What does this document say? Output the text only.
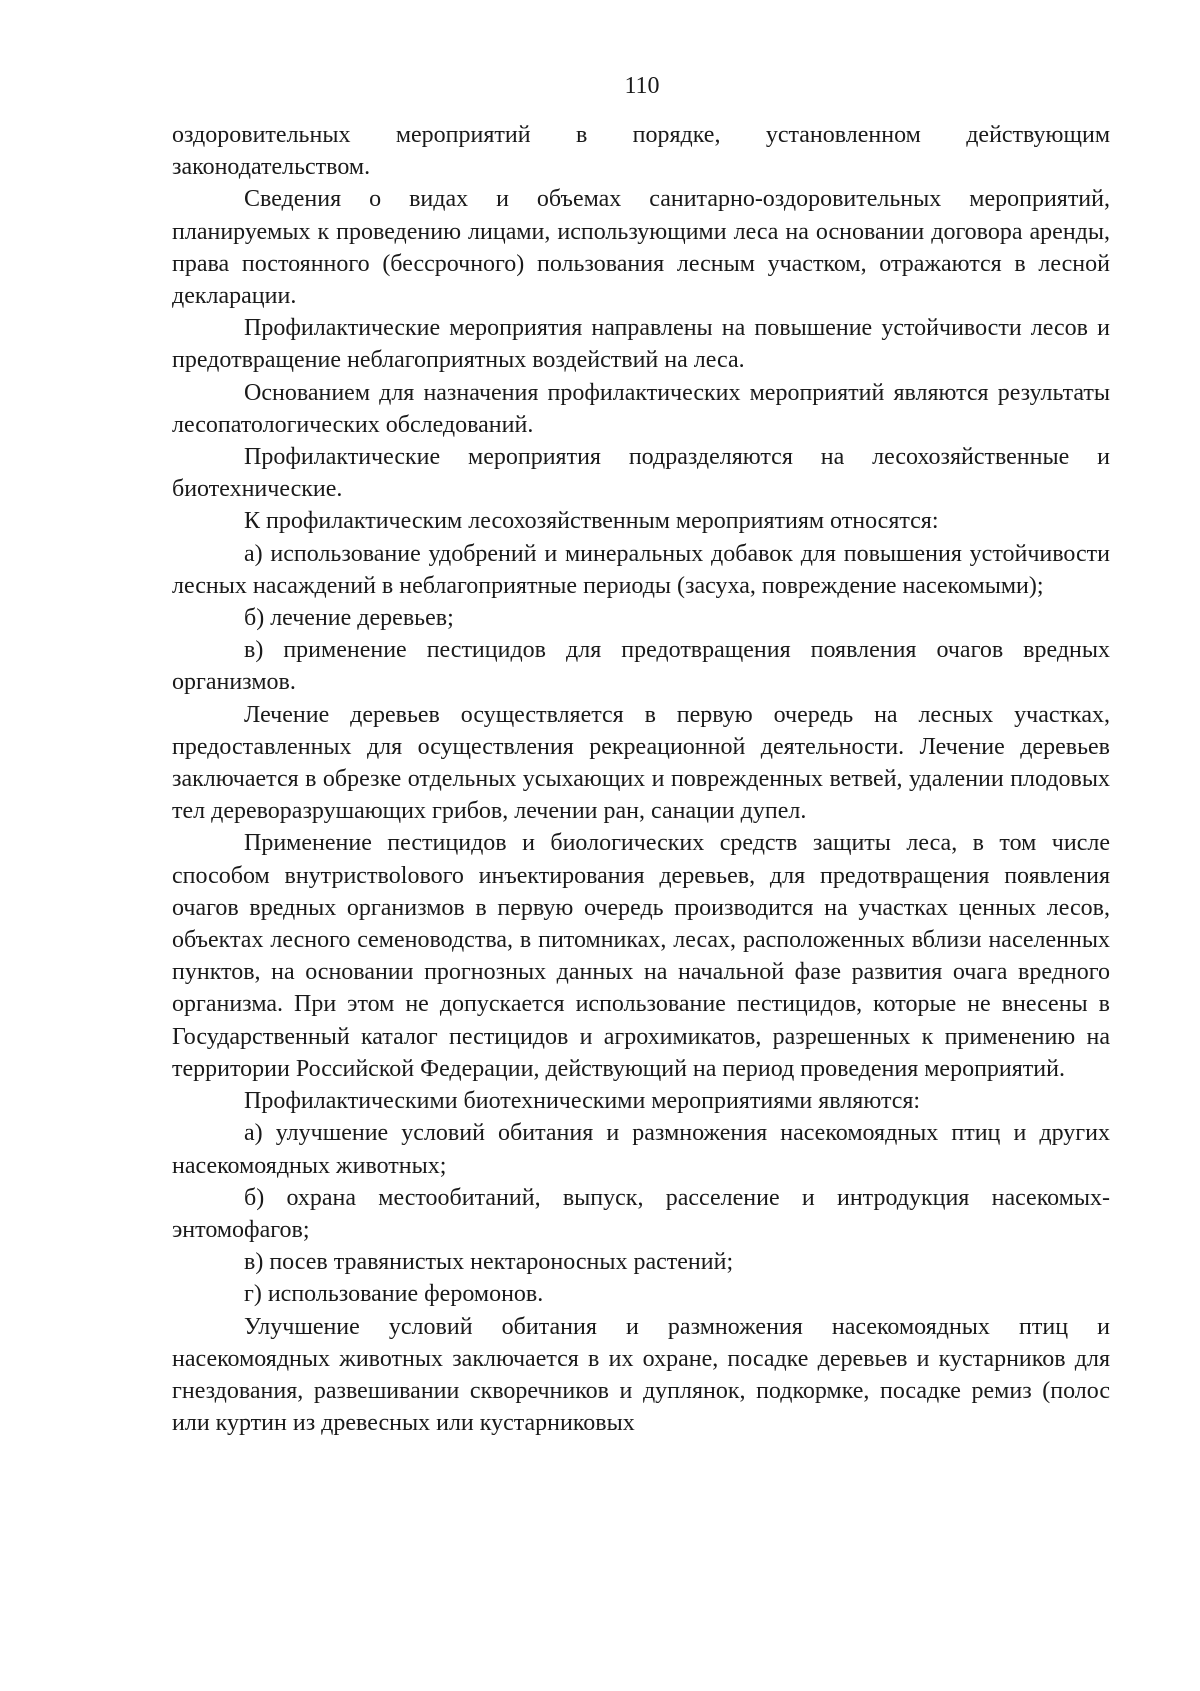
110

оздоровительных мероприятий в порядке, установленном действующим законодательством.

Сведения о видах и объемах санитарно-оздоровительных мероприятий, планируемых к проведению лицами, использующими леса на основании договора аренды, права постоянного (бессрочного) пользования лесным участком, отражаются в лесной декларации.

Профилактические мероприятия направлены на повышение устойчивости лесов и предотвращение неблагоприятных воздействий на леса.

Основанием для назначения профилактических мероприятий являются результаты лесопатологических обследований.

Профилактические мероприятия подразделяются на лесохозяйственные и биотехнические.

К профилактическим лесохозяйственным мероприятиям относятся:

а) использование удобрений и минеральных добавок для повышения устойчивости лесных насаждений в неблагоприятные периоды (засуха, повреждение насекомыми);

б) лечение деревьев;

в) применение пестицидов для предотвращения появления очагов вредных организмов.

Лечение деревьев осуществляется в первую очередь на лесных участках, предоставленных для осуществления рекреационной деятельности. Лечение деревьев заключается в обрезке отдельных усыхающих и поврежденных ветвей, удалении плодовых тел дереворазрушающих грибов, лечении ран, санации дупел.

Применение пестицидов и биологических средств защиты леса, в том числе способом внутриствolового инъектирования деревьев, для предотвращения появления очагов вредных организмов в первую очередь производится на участках ценных лесов, объектах лесного семеноводства, в питомниках, лесах, расположенных вблизи населенных пунктов, на основании прогнозных данных на начальной фазе развития очага вредного организма. При этом не допускается использование пестицидов, которые не внесены в Государственный каталог пестицидов и агрохимикатов, разрешенных к применению на территории Российской Федерации, действующий на период проведения мероприятий.

Профилактическими биотехническими мероприятиями являются:

а) улучшение условий обитания и размножения насекомоядных птиц и других насекомоядных животных;

б) охрана местообитаний, выпуск, расселение и интродукция насекомых-энтомофагов;

в) посев травянистых нектароносных растений;

г) использование феромонов.

Улучшение условий обитания и размножения насекомоядных птиц и насекомоядных животных заключается в их охране, посадке деревьев и кустарников для гнездования, развешивании скворечников и дуплянок, подкормке, посадке ремиз (полос или куртин из древесных или кустарниковых
